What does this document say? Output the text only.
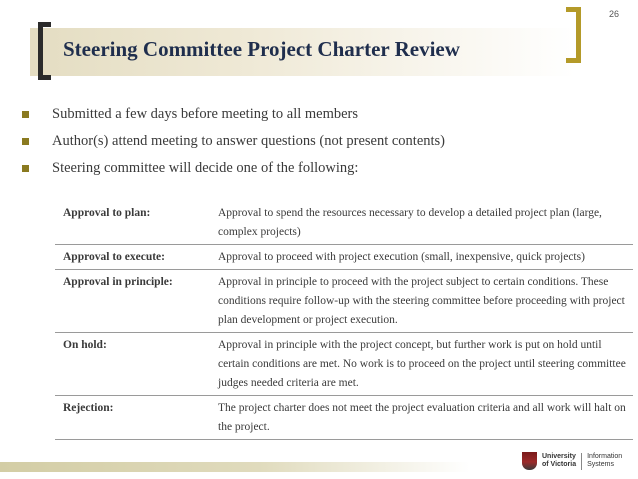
26
Steering Committee Project Charter Review
Submitted a few days before meeting to all members
Author(s) attend meeting to answer questions (not present contents)
Steering committee will decide one of the following:
Approval to plan:	Approval to spend the resources necessary to develop a detailed project plan (large, complex projects)
Approval to execute:	Approval to proceed with project execution (small, inexpensive, quick projects)
Approval in principle:	Approval in principle to proceed with the project subject to certain conditions. These conditions require follow-up with the steering committee before proceeding with project plan development or project execution.
On hold:	Approval in principle with the project concept, but further work is put on hold until certain conditions are met. No work is to proceed on the project until steering committee judges needed criteria are met.
Rejection:	The project charter does not meet the project evaluation criteria and all work will halt on the project.
University
of Victoria
Information
Systems
